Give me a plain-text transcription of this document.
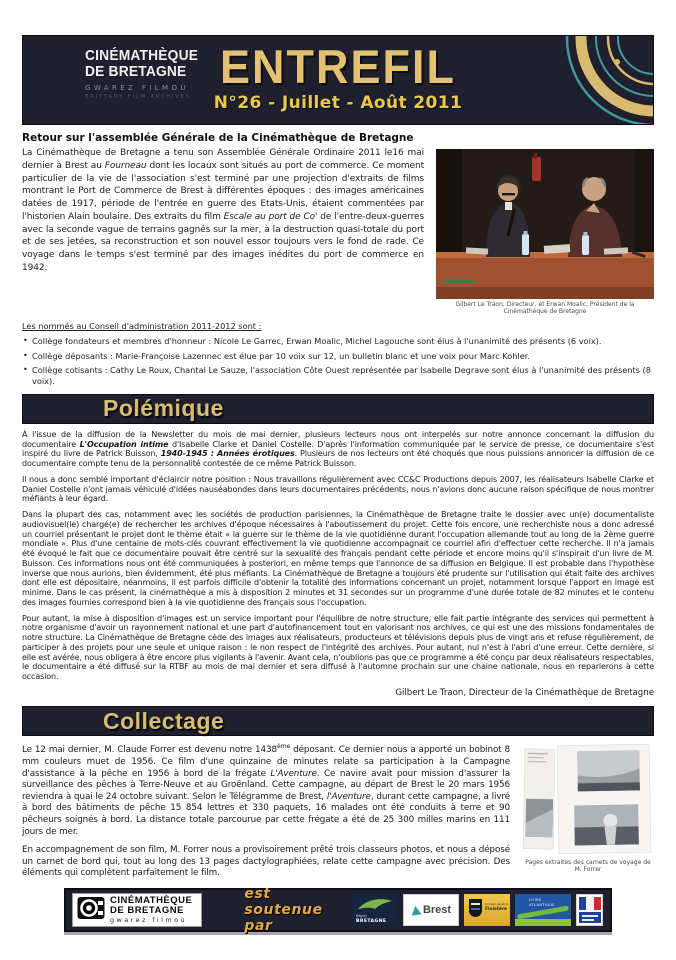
CINÉMATHÈQUE
DE BRETAGNE
GWAREZ FILMOÙ
BRITTANY FILM ARCHIVES
ENTREFIL
N°26 - Juillet - Août 2011
Retour sur l'assemblée Générale de la Cinémathèque de Bretagne
La Cinémathèque de Bretagne a tenu son Assemblée Générale Ordinaire 2011 le16 mai dernier à Brest au Fourneau dont les locaux sont situés au port de commerce. Ce moment particulier de la vie de l'association s'est terminé par une projection d'extraits de films montrant le Port de Commerce de Brest à différentes époques : des images américaines datées de 1917, période de l'entrée en guerre des Etats-Unis, étaient commentées par l'historien Alain boulaire. Des extraits du film Escale au port de Co' de l'entre-deux-guerres avec la seconde vague de terrains gagnés sur la mer, à la destruction quasi-totale du port et de ses jetées, sa reconstruction et son nouvel essor toujours vers le fond de rade. Ce voyage dans le temps s'est terminé par des images inédites du port de commerce en 1942.
Gilbert Le Traon, Directeur, et Erwan Moalic, Président de la Cinémathèque de Bretagne
Les nommés au Conseil d'administration 2011-2012 sont :
• Collège fondateurs et membres d'honneur : Nicole Le Garrec, Erwan Moalic, Michel Lagouche sont élus à l'unanimité des présents (6 voix).
• Collège déposants : Marie-Françoise Lazennec est élue par 10 voix sur 12, un bulletin blanc et une voix pour Marc Kohler.
• Collège cotisants : Cathy Le Roux, Chantal Le Sauze, l'association Côte Ouest représentée par Isabelle Degrave sont élus à l'unanimité des présents (8 voix).
Polémique

À l'issue de la diffusion de la Newsletter du mois de mai dernier, plusieurs lecteurs nous ont interpelés sur notre annonce concernant la diffusion du documentaire L'Occupation intime d'Isabelle Clarke et Daniel Costelle. D'après l'information communiquée par le service de presse, ce documentaire s'est inspiré du livre de Patrick Buisson, 1940-1945 : Années érotiques. Plusieurs de nos lecteurs ont été choqués que nous puissions annoncer la diffusion de ce documentaire compte tenu de la personnalité contestée de ce même Patrick Buisson.

Il nous a donc semblé important d'éclaircir notre position : Nous travaillons régulièrement avec CC&C Productions depuis 2007, les réalisateurs Isabelle Clarke et Daniel Costelle n'ont jamais véhiculé d'idées nauséabondes dans leurs documentaires précédents, nous n'avions donc aucune raison spécifique de nous montrer méfiants à leur égard.

Dans la plupart des cas, notamment avec les sociétés de production parisiennes, la Cinémathèque de Bretagne traite le dossier avec un(e) documentaliste audiovisuel(le) chargé(e) de rechercher les archives d'époque nécessaires à l'aboutissement du projet. Cette fois encore, une recherchiste nous a donc adressé un courriel présentant le projet dont le thème était « la guerre sur le thème de la vie quotidienne durant l'occupation allemande tout au long de la 2ème guerre mondiale ». Plus d'une centaine de mots-clés couvrant effectivement la vie quotidienne accompagnait ce courriel afin d'effectuer cette recherche. Il n'a jamais été évoqué le fait que ce documentaire pouvait être centré sur la sexualité des français pendant cette période et encore moins qu'il s'inspirait d'un livre de M. Buisson. Ces informations nous ont été communiquées à posteriori, en même temps que l'annonce de sa diffusion en Belgique. Il est probable dans l'hypothèse inverse que nous aurions, bien évidemment, été plus méfiants. La Cinémathèque de Bretagne a toujours été prudente sur l'utilisation qui était faite des archives dont elle est dépositaire, néanmoins, il est parfois difficile d'obtenir la totalité des informations concernant un projet, notamment lorsque l'apport en image est minime. Dans le cas présent, la cinémathèque a mis à disposition 2 minutes et 31 secondes sur un programme d'une durée totale de 82 minutes et le contenu des images fournies correspond bien à la vie quotidienne des français sous l'occupation.

Pour autant, la mise à disposition d'images est un service important pour l'équilibre de notre structure, elle fait partie intégrante des services qui permettent à notre organisme d'avoir un rayonnement national et une part d'autofinancement tout en valorisant nos archives, ce qui est une des missions fondamentales de notre structure. La Cinémathèque de Bretagne cède des images aux réalisateurs, producteurs et télévisions depuis plus de vingt ans et refuse régulièrement, de participer à des projets pour une seule et unique raison : le non respect de l'intégrité des archives. Pour autant, nul n'est à l'abri d'une erreur. Cette dernière, si elle est avérée, nous obligera à être encore plus vigilants à l'avenir. Avant cela, n'oublions pas que ce programme a été conçu par deux réalisateurs respectables, le documentaire a été diffusé sur la RTBF au mois de mai dernier et sera diffusé à l'automne prochain sur une chaine nationale, nous en reparlerons à cette occasion.

Gilbert Le Traon, Directeur de la Cinémathèque de Bretagne

Collectage

Le 12 mai dernier, M. Claude Forrer est devenu notre 1438ème déposant. Ce dernier nous a apporté un bobinot 8 mm couleurs muet de 1956. Ce film d'une quinzaine de minutes relate sa participation à la Campagne d'assistance à la pêche en 1956 à bord de la frégate L'Aventure. Ce navire avait pour mission d'assurer la surveillance des pêches à Terre-Neuve et au Groënland. Cette campagne, au départ de Brest le 20 mars 1956 reviendra à quai le 24 octobre suivant. Selon le Télégramme de Brest, l'Aventure, durant cette campagne, a livré à bord des bâtiments de pêche 15 854 lettres et 330 paquets, 16 malades ont été conduits à terre et 90 pêcheurs soignés à bord. La distance totale parcourue par cette frégate a été de 25 300 milles marins en 111 jours de mer.

En accompagnement de son film, M. Forrer nous a provisoirement prêté trois classeurs photos, et nous a déposé un carnet de bord qui, tout au long des 13 pages dactylographiées, relate cette campagne avec précision. Des éléments qui complètent parfaitement le film.

Pages extraites des carnets de voyage de M. Forrer
CINÉMATHÈQUE
DE BRETAGNE
gwarez filmoù
est soutenue par
Région
BRETAGNE
Brest	Conseil général
Finistère
LOIRE
ATLANTIQUE
